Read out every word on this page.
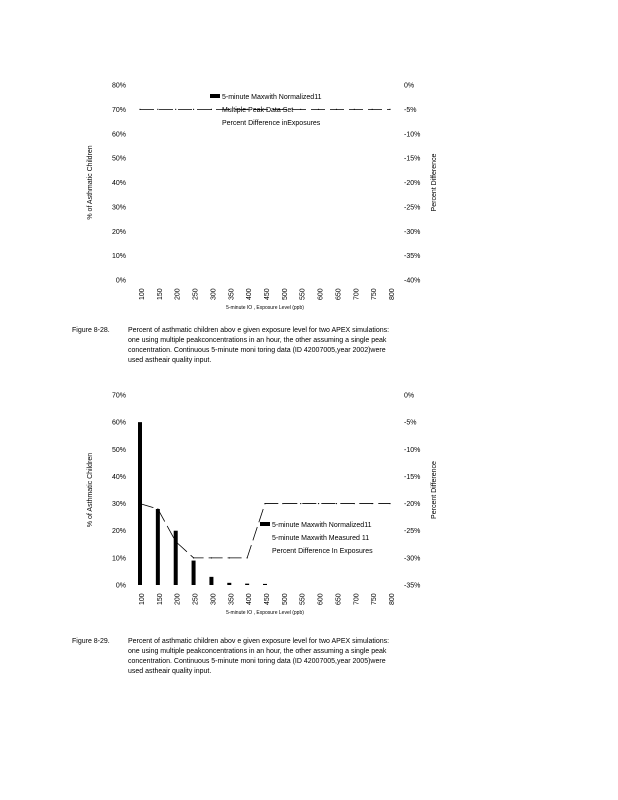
0%
10%
20%
30%
40%
50%
60%
70%
80%
-40%
-35%
-30%
-25%
-20%
-15%
-10%
-5%
0%
100 150 200 250 300 350 400 450 500 550 600 650 700 750 800
5-minute IO , Exposure Level (ppb)
% of Asthmatic Children	Percent Difference
5-minute Maxwith Normalized11
Multiple Peak Data Set
Percent Difference inExposures
0%
10%
20%
30%
40%
50%
60%
70%
-35%
-30%
-25%
-20%
-15%
-10%
-5%
0%
100 150 200 250 300 350 400 450 500 550 600 650 700 750 800
5-minute IO , Exposure Level (ppb)
% of Asthmatic Children	Percent Difference
5-minute Maxwith Normalized11
5-minute Maxwith Measured 11
Percent Difference In Exposures
Figure 8-28.	Percent of asthmatic children abov e given exposure level for two APEX simulations:
one using multiple peakconcentrations in an hour, the other assuming a single peak
concentration. Continuous 5-minute moni toring data (ID 42007005,year 2002)were
used astheair quality input.
Figure 8-29.	Percent of asthmatic children abov e given exposure level for two APEX simulations:
one using multiple peakconcentrations in an hour, the other assuming a single peak
concentration. Continuous 5-minute moni toring data (ID 42007005,year 2005)were
used astheair quality input.
